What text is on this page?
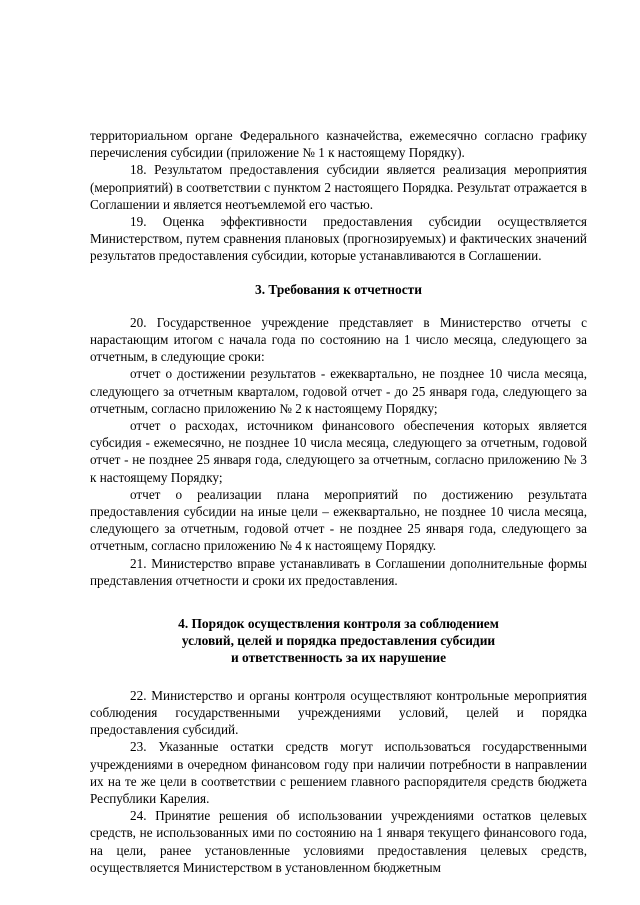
территориальном органе Федерального казначейства, ежемесячно согласно графику перечисления субсидии (приложение № 1 к настоящему Порядку).

18. Результатом предоставления субсидии является реализация мероприятия (мероприятий) в соответствии с пунктом 2 настоящего Порядка. Результат отражается в Соглашении и является неотъемлемой его частью.

19. Оценка эффективности предоставления субсидии осуществляется Министерством, путем сравнения плановых (прогнозируемых) и фактических значений результатов предоставления субсидии, которые устанавливаются в Соглашении.

3. Требования к отчетности

20. Государственное учреждение представляет в Министерство отчеты с нарастающим итогом с начала года по состоянию на 1 число месяца, следующего за отчетным, в следующие сроки:

отчет о достижении результатов - ежеквартально, не позднее 10 числа месяца, следующего за отчетным кварталом, годовой отчет - до 25 января года, следующего за отчетным, согласно приложению № 2 к настоящему Порядку;

отчет о расходах, источником финансового обеспечения которых является субсидия - ежемесячно, не позднее 10 числа месяца, следующего за отчетным, годовой отчет - не позднее 25 января года, следующего за отчетным, согласно приложению № 3 к настоящему Порядку;

отчет о реализации плана мероприятий по достижению результата предоставления субсидии на иные цели – ежеквартально, не позднее 10 числа месяца, следующего за отчетным, годовой отчет - не позднее 25 января года, следующего за отчетным, согласно приложению № 4 к настоящему Порядку.

21. Министерство вправе устанавливать в Соглашении дополнительные формы представления отчетности и сроки их предоставления.

4. Порядок осуществления контроля за соблюдением
условий, целей и порядка предоставления субсидии
и ответственность за их нарушение

22. Министерство и органы контроля осуществляют контрольные мероприятия соблюдения государственными учреждениями условий, целей и порядка предоставления субсидий.

23. Указанные остатки средств могут использоваться государственными учреждениями в очередном финансовом году при наличии потребности в направлении их на те же цели в соответствии с решением главного распорядителя средств бюджета Республики Карелия.

24. Принятие решения об использовании учреждениями остатков целевых средств, не использованных ими по состоянию на 1 января текущего финансового года, на цели, ранее установленные условиями предоставления целевых средств, осуществляется Министерством в установленном бюджетным
